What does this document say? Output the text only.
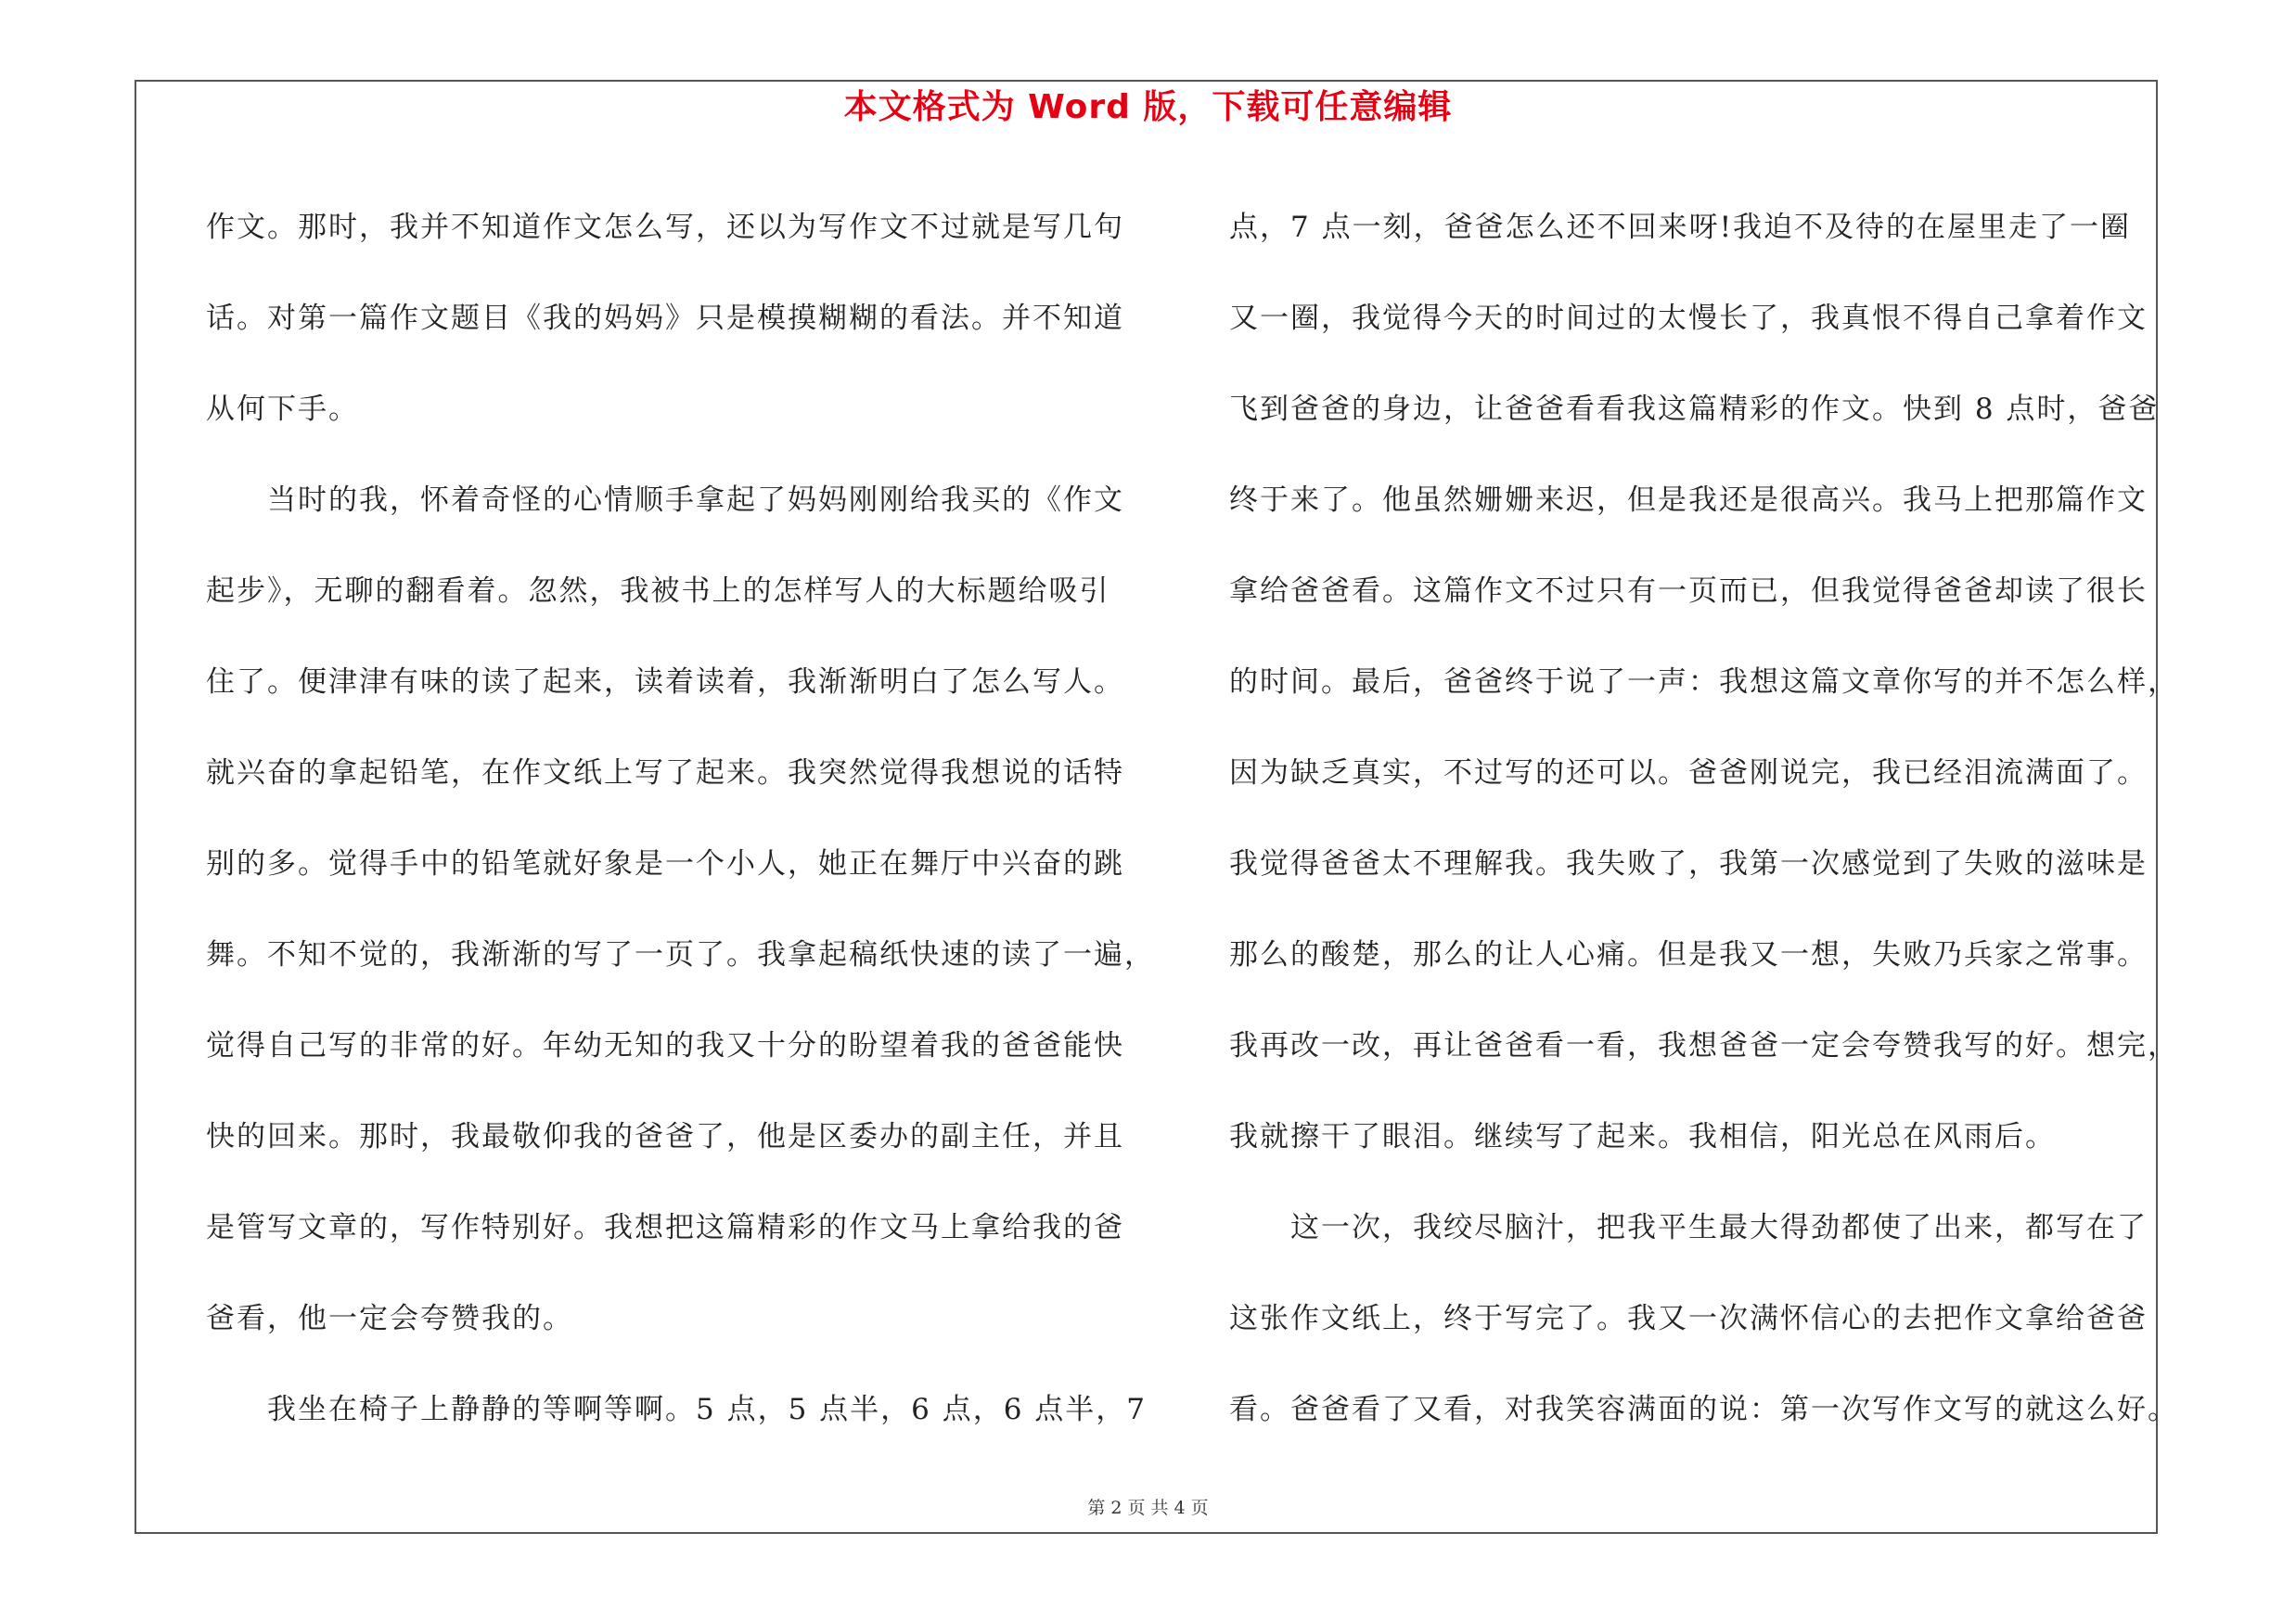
本文格式为 Word 版，下载可任意编辑
作文。那时，我并不知道作文怎么写，还以为写作文不过就是写几句
话。对第一篇作文题目《我的妈妈》只是模摸糊糊的看法。并不知道
从何下手。
当时的我，怀着奇怪的心情顺手拿起了妈妈刚刚给我买的《作文
起步》，无聊的翻看着。忽然，我被书上的怎样写人的大标题给吸引
住了。便津津有味的读了起来，读着读着，我渐渐明白了怎么写人。
就兴奋的拿起铅笔，在作文纸上写了起来。我突然觉得我想说的话特
别的多。觉得手中的铅笔就好象是一个小人，她正在舞厅中兴奋的跳
舞。不知不觉的，我渐渐的写了一页了。我拿起稿纸快速的读了一遍，
觉得自己写的非常的好。年幼无知的我又十分的盼望着我的爸爸能快
快的回来。那时，我最敬仰我的爸爸了，他是区委办的副主任，并且
是管写文章的，写作特别好。我想把这篇精彩的作文马上拿给我的爸
爸看，他一定会夸赞我的。
我坐在椅子上静静的等啊等啊。5 点，5 点半，6 点，6 点半，7
点，7 点一刻，爸爸怎么还不回来呀!我迫不及待的在屋里走了一圈
又一圈，我觉得今天的时间过的太慢长了，我真恨不得自己拿着作文
飞到爸爸的身边，让爸爸看看我这篇精彩的作文。快到 8 点时，爸爸
终于来了。他虽然姗姗来迟，但是我还是很高兴。我马上把那篇作文
拿给爸爸看。这篇作文不过只有一页而已，但我觉得爸爸却读了很长
的时间。最后，爸爸终于说了一声：我想这篇文章你写的并不怎么样，
因为缺乏真实，不过写的还可以。爸爸刚说完，我已经泪流满面了。
我觉得爸爸太不理解我。我失败了，我第一次感觉到了失败的滋味是
那么的酸楚，那么的让人心痛。但是我又一想，失败乃兵家之常事。
我再改一改，再让爸爸看一看，我想爸爸一定会夸赞我写的好。想完，
我就擦干了眼泪。继续写了起来。我相信，阳光总在风雨后。
这一次，我绞尽脑汁，把我平生最大得劲都使了出来，都写在了
这张作文纸上，终于写完了。我又一次满怀信心的去把作文拿给爸爸
看。爸爸看了又看，对我笑容满面的说：第一次写作文写的就这么好。
第 2 页 共 4 页
